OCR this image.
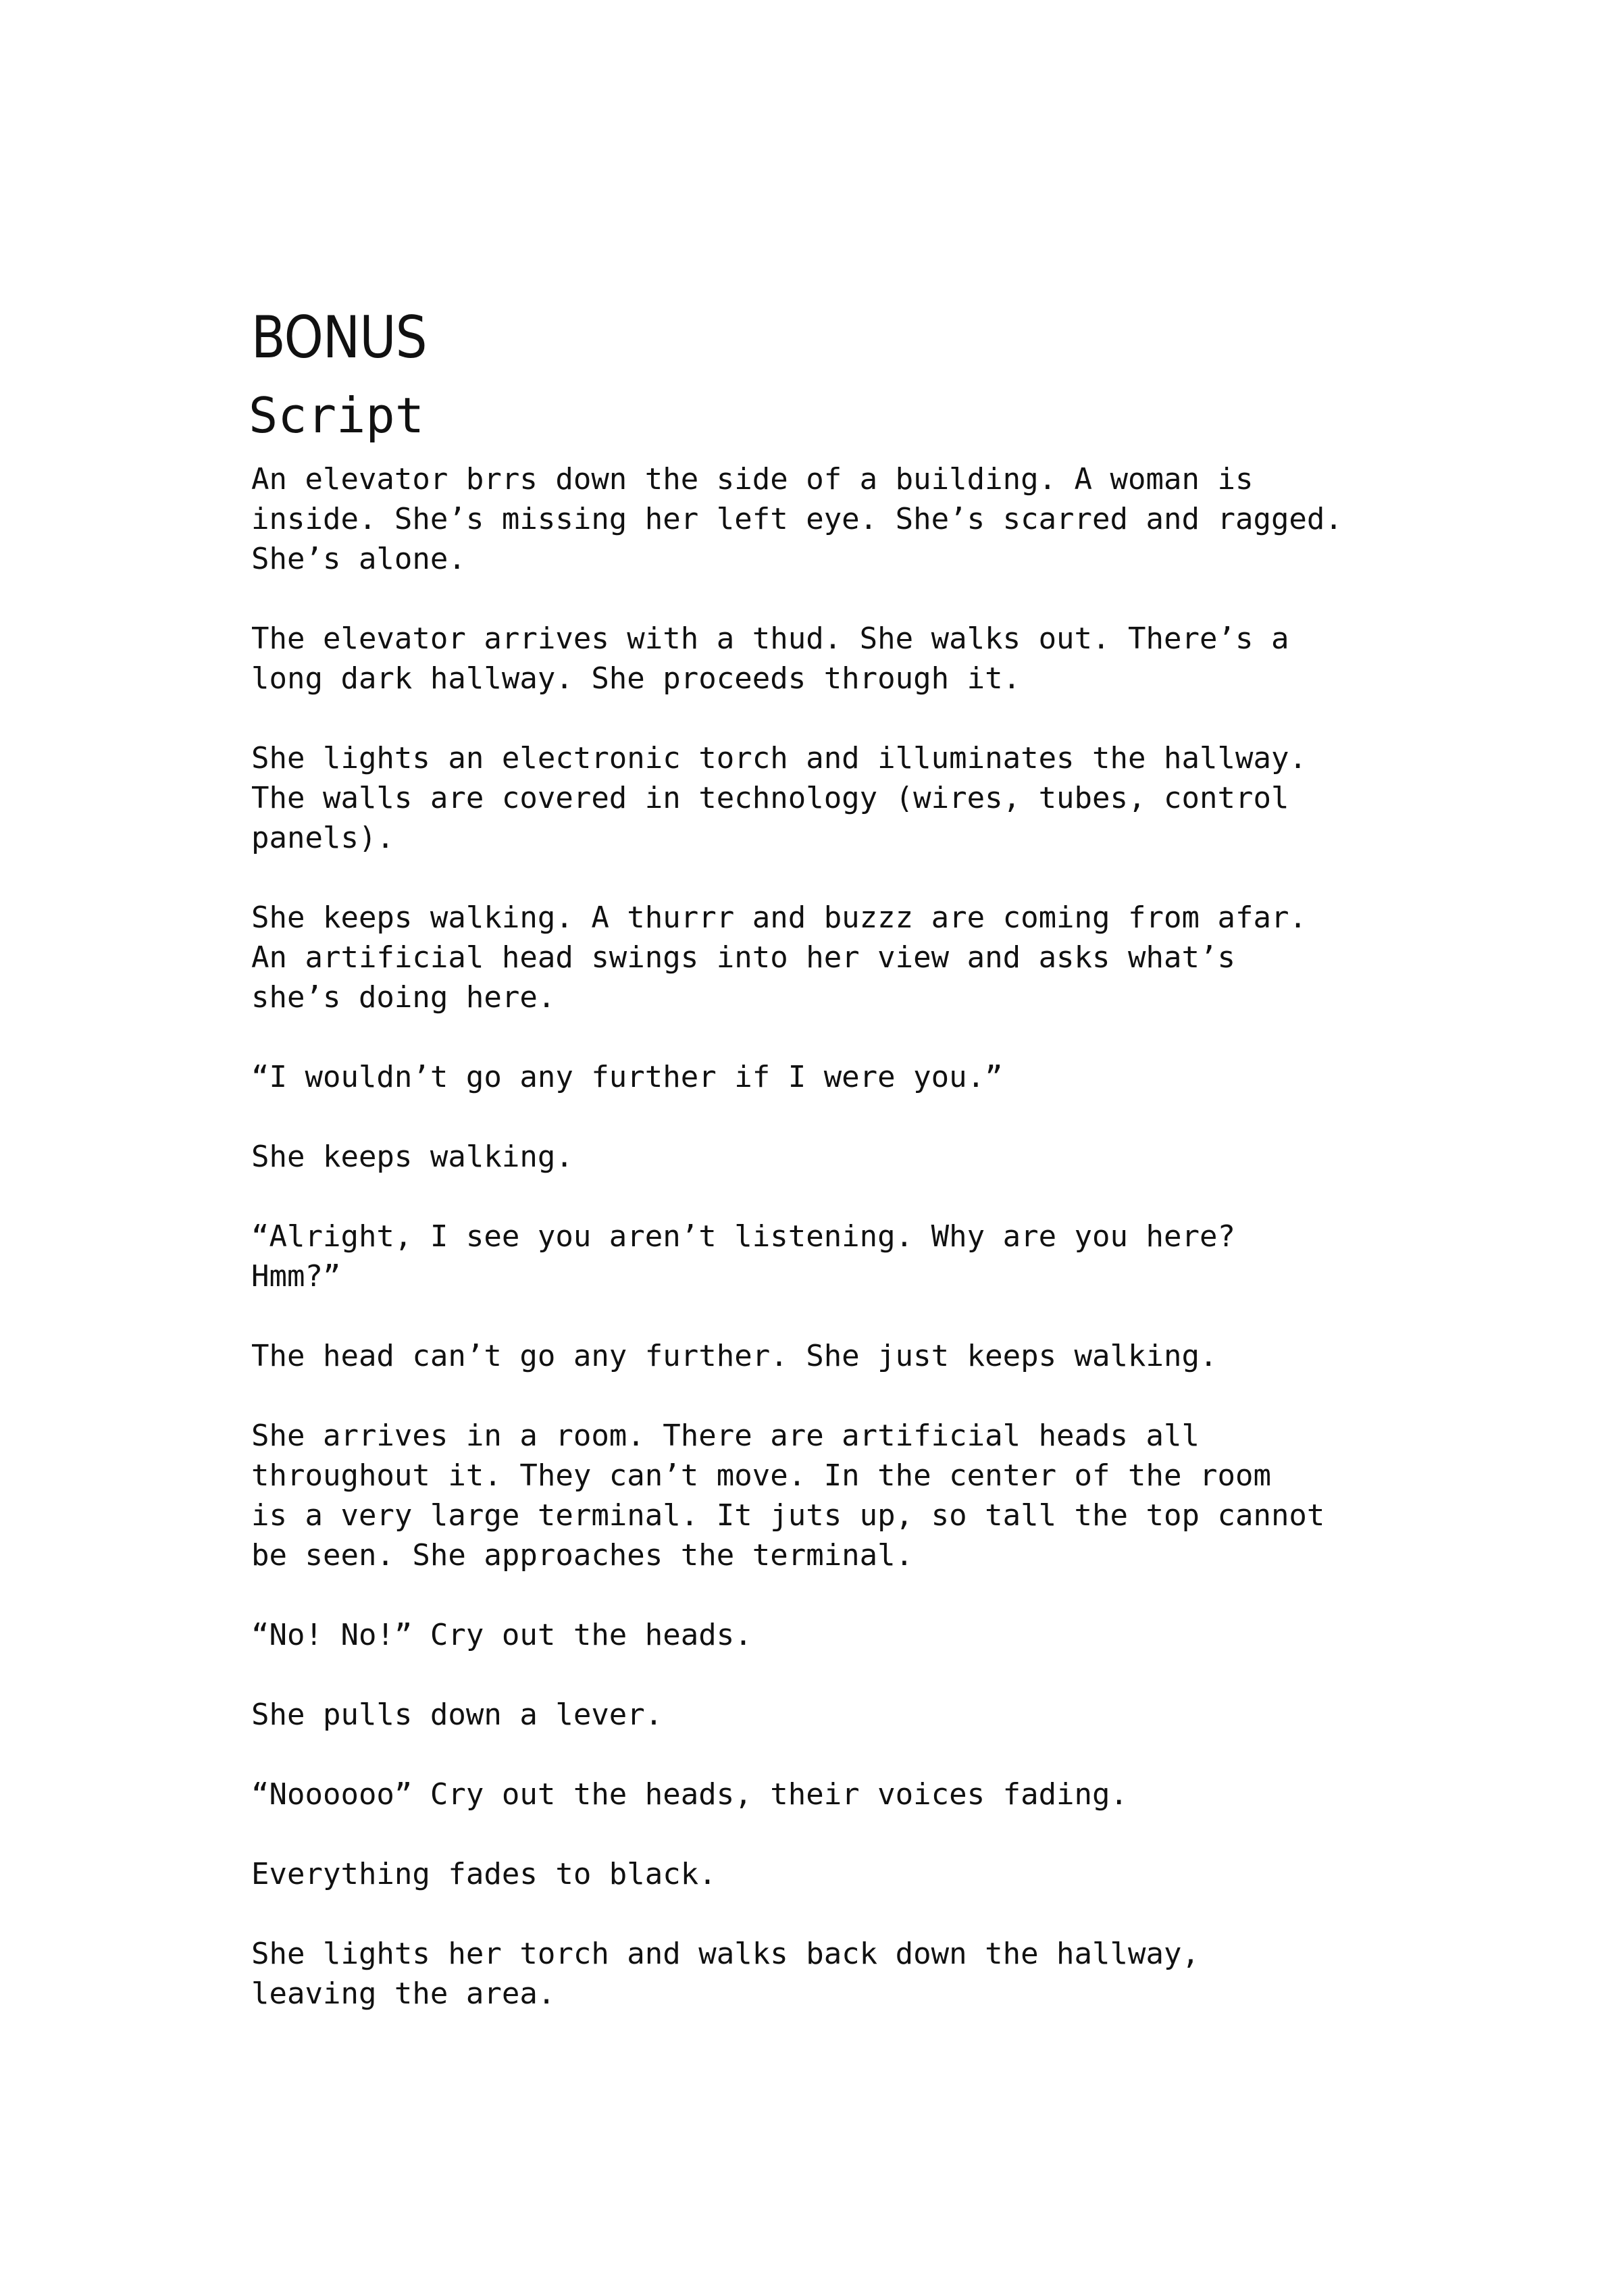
BONUS
Script

An elevator brrs down the side of a building. A woman is
inside. She’s missing her left eye. She’s scarred and ragged.
She’s alone.

The elevator arrives with a thud. She walks out. There’s a
long dark hallway. She proceeds through it.

She lights an electronic torch and illuminates the hallway.
The walls are covered in technology (wires, tubes, control
panels).

She keeps walking. A thurrr and buzzz are coming from afar.
An artificial head swings into her view and asks what’s
she’s doing here.

“I wouldn’t go any further if I were you.”

She keeps walking.

“Alright, I see you aren’t listening. Why are you here?
Hmm?”

The head can’t go any further. She just keeps walking.

She arrives in a room. There are artificial heads all
throughout it. They can’t move. In the center of the room
is a very large terminal. It juts up, so tall the top cannot
be seen. She approaches the terminal.

“No! No!” Cry out the heads.

She pulls down a lever.

“Noooooo” Cry out the heads, their voices fading.

Everything fades to black.

She lights her torch and walks back down the hallway,
leaving the area.
